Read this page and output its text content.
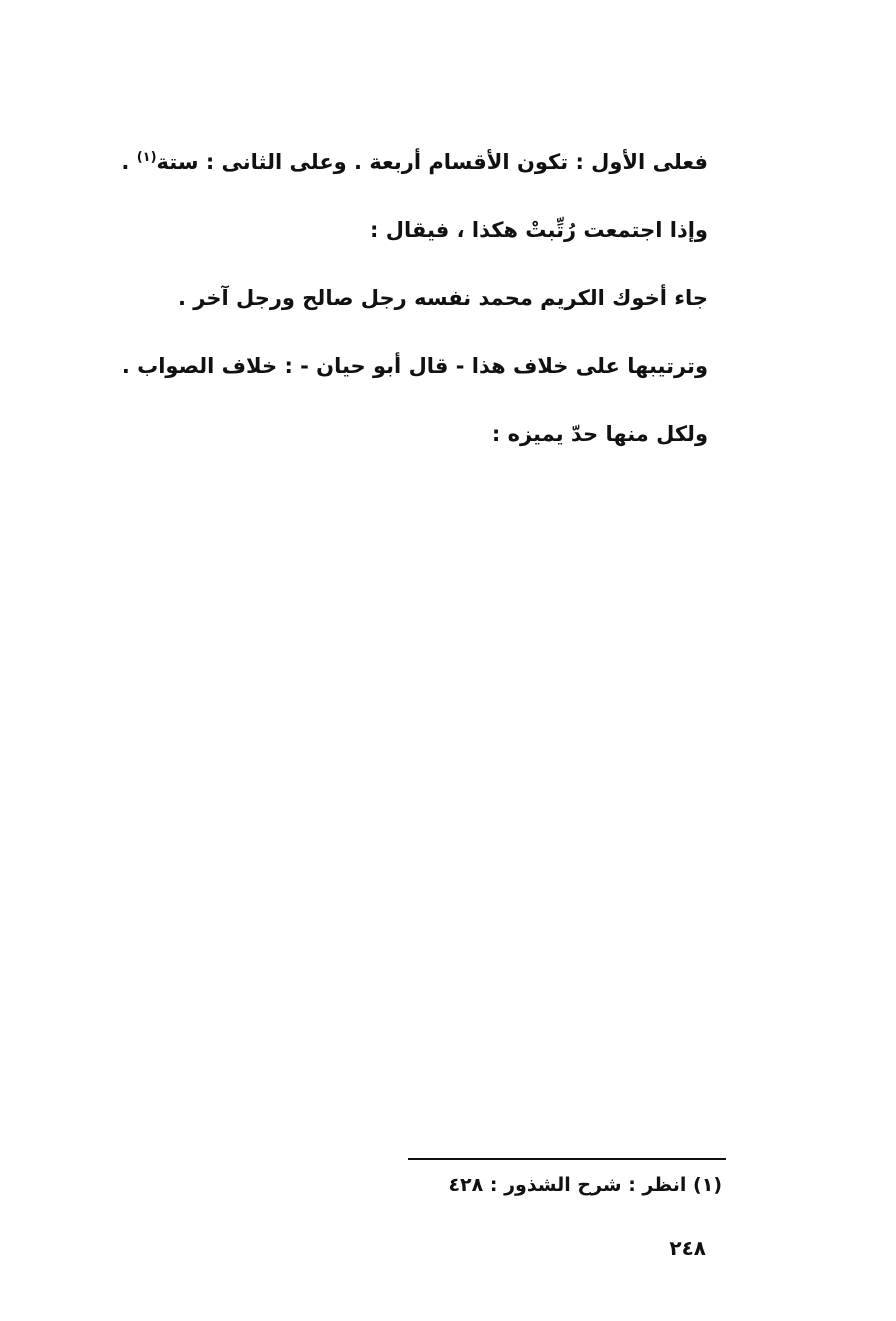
فعلى الأول : تكون الأقسام أربعة . وعلى الثانى : ستة$^{(١)}$ .
وإذا اجتمعت رُتِّبتْ هكذا ، فيقال :
جاء أخوك الكريم محمد نفسه رجل صالح ورجل آخر .
وترتيبها على خلاف هذا - قال أبو حيان - : خلاف الصواب .
ولكل منها حدّ يميزه :
(١) انظر : شرح الشذور : ٤٢٨
٢٤٨
